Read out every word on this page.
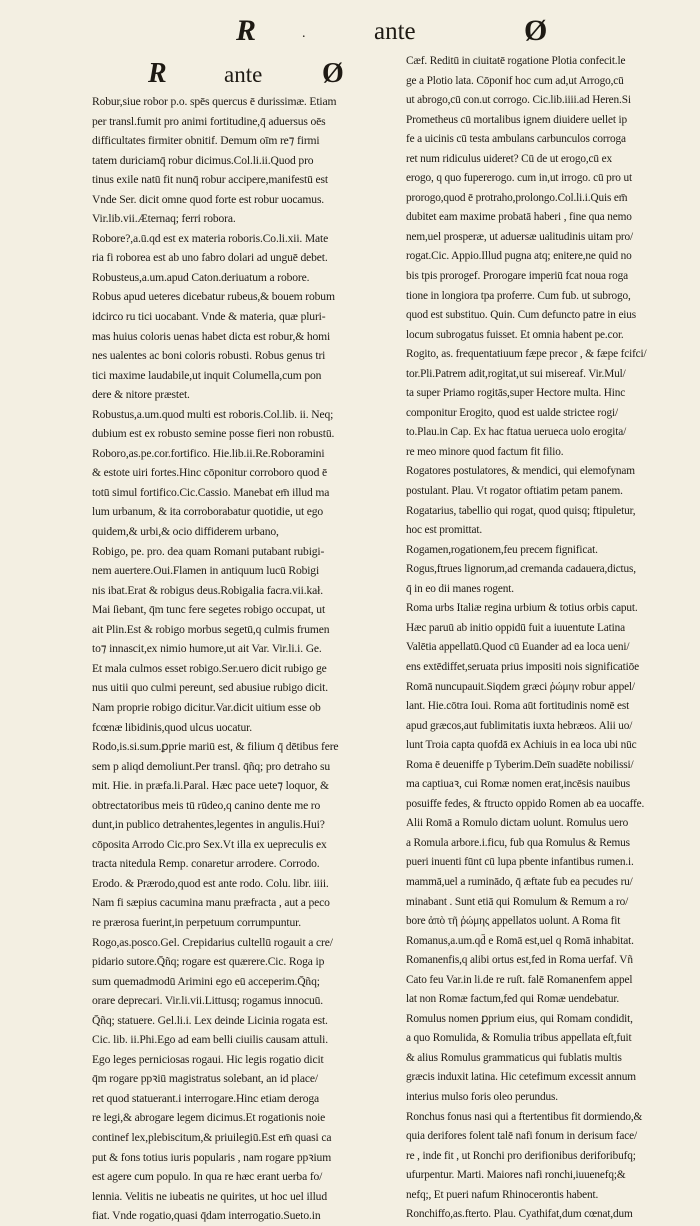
R	.	ante	Ø
R ante Ø
Robur,siue robor p.o. spēs quercus ē durissimæ. Etiam
per transl.fumit pro animi fortitudine,q̄ aduersus oēs
difficultates firmiter obnitif. Demum oīm re⁊ firmi
tatem duriciamq̄ robur dicimus.Col.li.ii.Quod pro
tinus exile natū fit nunq̄ robur accipere,manifestū est
Vnde Ser. dicit omne quod forte est robur uocamus.
Vir.lib.vii.Æternaq; ferri robora.
Robore?,a.ū.qd est ex materia roboris.Co.li.xii. Mate
ria fi roborea est ab uno fabro dolari ad unguē debet.
Robusteus,a.um.apud Caton.deriuatum a robore.
Robus apud ueteres dicebatur rubeus,& bouem robum
idcirco ru tici uocabant. Vnde & materia, quæ pluri-
mas huius coloris uenas habet dicta est robur,& homi
nes ualentes ac boni coloris robusti. Robus genus tri
tici maxime laudabile,ut inquit Columella,cum pon
dere & nitore præstet.
Robustus,a.um.quod multi est roboris.Col.lib. ii. Neq;
dubium est ex robusto semine posse fieri non robustū.
Roboro,as.pe.cor.fortifico. Hie.lib.ii.Re.Roboramini
& estote uiri fortes.Hinc cōponitur corroboro quod ē
totū simul fortifico.Cic.Cassio. Manebat em̄ illud ma
lum urbanum, & ita corroborabatur quotidie, ut ego
quidem,& urbi,& ocio diffiderem urbano,
Robigo, pe. pro. dea quam Romani putabant rubigi-
nem auertere.Oui.Flamen in antiquum lucū Robigi
nis ibat.Erat & robigus deus.Robigalia facra.vii.kał.
Mai ſiebant, q̄m tunc fere segetes robigo occupat, ut
ait Plin.Est & robigo morbus segetū,q culmis frumen
to⁊ innascit,ex nimio humore,ut ait Var. Vir.li.i. Ge.
Et mala culmos esset robigo.Ser.uero dicit rubigo ge
nus uitii quo culmi pereunt, sed abusiue rubigo dicit.
Nam proprie robigo dicitur.Var.dicit uitium esse ob
fcœnæ libidinis,quod ulcus uocatur.
Rodo,is.si.sum.ꝑprie mariū est, & filium q̄ dētibus fere
sem p aliqd demoliunt.Per transl. q̄ñq; pro detraho su
mit. Hie. in præfa.li.Paral. Hæc pace uete⁊ loquor, &
obtrectatoribus meis tū rūdeo,q canino dente me ro
dunt,in publico detrahentes,legentes in angulis.Hui?
cōposita Arrodo Cic.pro Sex.Vt illa ex uepreculis ex
tracta nitedula Remp. conaretur arrodere. Corrodo.
Erodo. & Prærodo,quod est ante rodo. Colu. libr. iiii.
Nam fi sæpius cacumina manu præfracta , aut a peco
re prærosa fuerint,in perpetuum corrumpuntur.
Rogo,as.posco.Gel. Crepidarius cultellū rogauit a cre/
pidario sutore.Q̄ñq; rogare est quærere.Cic. Roga ip
sum quemadmodū Arimini ego eū acceperim.Q̄ñq;
orare deprecari. Vir.li.vii.Littusq; rogamus innocuū.
Q̄ñq; statuere. Gel.li.i. Lex deinde Licinia rogata est.
Cic. lib. ii.Phi.Ego ad eam belli ciuilis causam attuli.
Ego leges perniciosas rogaui. Hic legis rogatio dicit
q̄m rogare ppꝛiū magistratus solebant, an id place/
ret quod statuerant.i interrogare.Hinc etiam deroga
re legi,& abrogare legem dicimus.Et rogationis noie
continef lex,plebiscitum,& priuilegiū.Est em̄ quasi ca
put & fons totius iuris popularis , nam rogare ppꝛium
est agere cum populo. In qua re hæc erant uerba fo/
lennia. Velitis ne iubeatis ne quirites, ut hoc uel illud
fiat. Vnde rogatio,quasi q̄dam interrogatio.Sueto.in
Cæf. Reditū in ciuitatē rogatione Plotia confecit.le
ge a Plotio lata. Cōponif hoc cum ad,ut Arrogo,cū
ut abrogo,cū con.ut corrogo. Cic.lib.iiii.ad Heren.Si
Prometheus cū mortalibus ignem diuidere uellet ip
fe a uicinis cū testa ambulans carbunculos corroga
ret num ridiculus uideret? Cū de ut erogo,cū ex
erogo, q quo fupererogo. cum in,ut irrogo. cū pro ut
prorogo,quod ē protraho,prolongo.Col.li.i.Quis em̄
dubitet eam maxime probatā haberi , fine qua nemo
nem,uel prosperæ, ut aduersæ ualitudinis uitam pro/
rogat.Cic. Appio.Illud pugna atq; enitere,ne quid no
bis tpis prorogef. Prorogare imperiū fcat noua roga
tione in longiora tpa proferre. Cum fub. ut subrogo,
quod est substituo. Quin. Cum defuncto patre in eius
locum subrogatus fuisset. Et omnia habent pe.cor.
Rogito, as. frequentatiuum fæpe precor , & fæpe fcifci/
tor.Pli.Patrem adit,rogitat,ut sui misereaf. Vir.Mul/
ta super Priamo rogitās,super Hectore multa. Hinc
componitur Erogito, quod est ualde strictee rogi/
to.Plau.in Cap. Ex hac ftatua uerueca uolo erogita/
re meo minore quod factum fit filio.
Rogatores postulatores, & mendici, qui elemofynam
postulant. Plau. Vt rogator oftiatim petam panem.
Rogatarius, tabellio qui rogat, quod quisq; ftipuletur,
hoc est promittat.
Rogamen,rogationem,feu precem fignificat.
Rogus,ftrues lignorum,ad cremanda cadauera,dictus,
q̄ in eo dii manes rogent.
Roma urbs Italiæ regina urbium & totius orbis caput.
Hæc paruū ab initio oppidū fuit a iuuentute Latina
Valētia appellatū.Quod cū Euander ad ea loca ueni/
ens extēdiffet,seruata prius impositi nois significatiōe
Romā nuncupauit.Siqdem græci ῥώμην robur appel/
lant. Hie.cōtra Ioui. Roma aūt fortitudinis nomē est
apud græcos,aut fublimitatis iuxta hebræos. Alii uo/
lunt Troia capta quofdā ex Achiuis in ea loca ubi nūc
Roma ē deueniffe p Tyberim.Deīn suadēte nobilissi/
ma captiuaꝛ, cui Romæ nomen erat,incēsis nauibus
posuiffe fedes, & ftructo oppido Romen ab ea uocaffe.
Alii Romā a Romulo dictam uolunt. Romulus uero
a Romula arbore.i.ficu, fub qua Romulus & Remus
pueri inuenti fūnt cū lupa pbente infantibus rumen.i.
mammā,uel a ruminādo, q̄ æftate fub ea pecudes ru/
minabant . Sunt etiā qui Romulum & Remum a ro/
bore ἀπὸ τῆ ῥώμης appellatos uolunt. A Roma fit
Romanus,a.um.qd̄ e Romā est,uel q Romā inhabitat.
Romanenfis,q alibi ortus est,fed in Roma uerfaf. Vñ
Cato feu Var.in li.de re ruſt. falē Romanenfem appel
lat non Romæ factum,fed qui Romæ uendebatur.
Romulus nomen ꝑprium eius, qui Romam condidit,
a quo Romulida, & Romulia tribus appellata eſt,fuit
& alius Romulus grammaticus qui fublatis multis
græcis induxit latina. Hic cetefimum excessit annum
interius mulso foris oleo perundus.
Ronchus fonus nasi qui a ftertentibus fit dormiendo,&
quia derifores folent talē nafi fonum in derisum face/
re , inde fit , ut Ronchi pro derifionibus deriforibufq;
ufurpentur. Marti. Maiores nafi ronchi,iuuenefq;&
nefq;, Et pueri nafum Rhinocerontis habent.
Ronchiffo,as.fterto. Plau. Cyathifat,dum cœnat,dum
